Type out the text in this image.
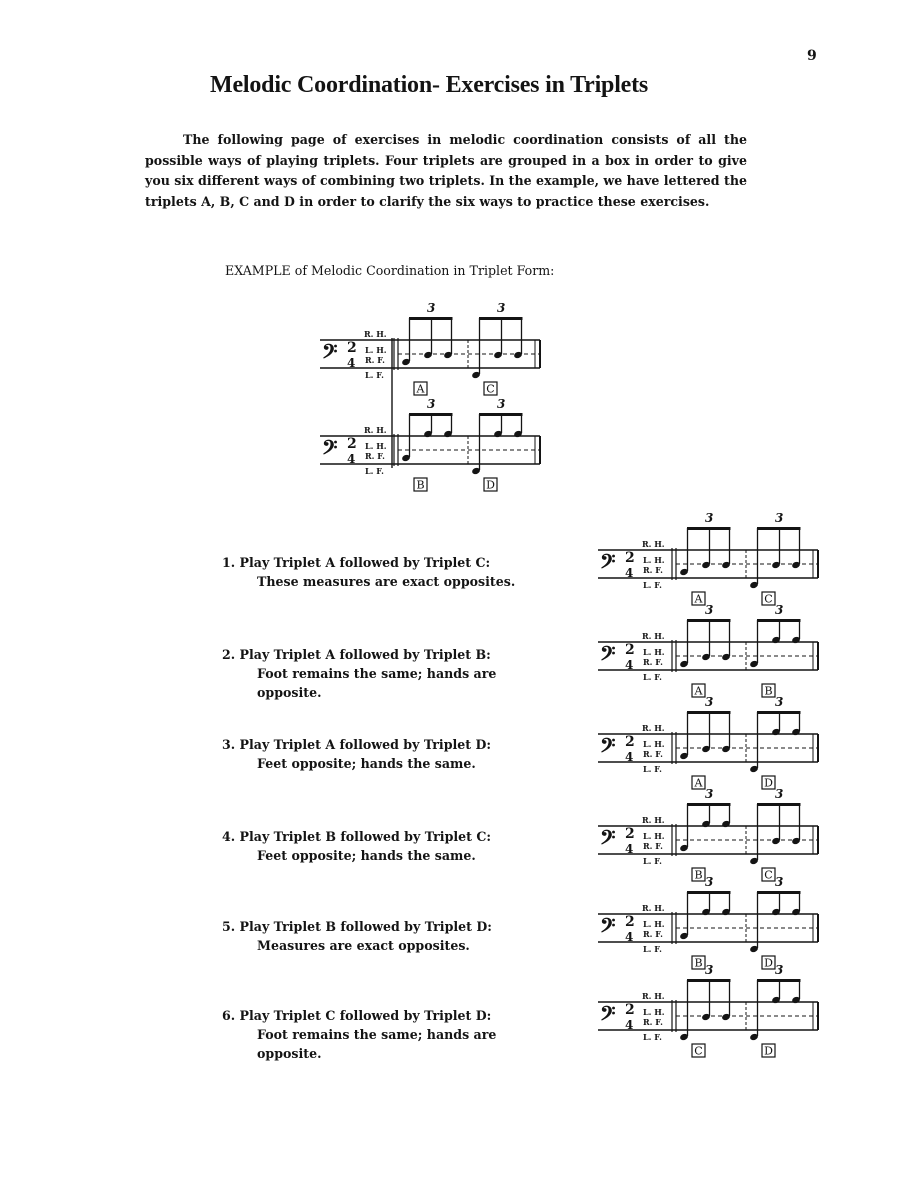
9
Melodic Coordination- Exercises in Triplets

The following page of exercises in melodic coordination consists of all the possible ways of playing triplets. Four triplets are grouped in a box in order to give you six different ways of combining two triplets. In the example, we have lettered the triplets A, B, C and D in order to clarify the six ways to practice these exercises.

EXAMPLE of Melodic Coordination in Triplet Form:
R. H.
L. H.
R. F.
L. F.
𝄢 2
4
3
A
3
C
R. H.
L. H.
R. F.
L. F.
𝄢 2
4
3
B
3
D
1. Play Triplet A followed by Triplet C:
These measures are exact opposites.
R. H.
L. H.
R. F.
L. F.
𝄢 2
4
3
A
3
C
2. Play Triplet A followed by Triplet B:
Foot remains the same; hands are opposite.
R. H.
L. H.
R. F.
L. F.
𝄢 2
4
3
A
3
B
3. Play Triplet A followed by Triplet D:
Feet opposite; hands the same.
R. H.
L. H.
R. F.
L. F.
𝄢 2
4
3
A
3
D
4. Play Triplet B followed by Triplet C:
Feet opposite; hands the same.
R. H.
L. H.
R. F.
L. F.
𝄢 2
4
3
B
3
C
5. Play Triplet B followed by Triplet D:
Measures are exact opposites.
R. H.
L. H.
R. F.
L. F.
𝄢 2
4
3
B
3
D
6. Play Triplet C followed by Triplet D:
Foot remains the same; hands are opposite.
R. H.
L. H.
R. F.
L. F.
𝄢 2
4
3
C
3
D
